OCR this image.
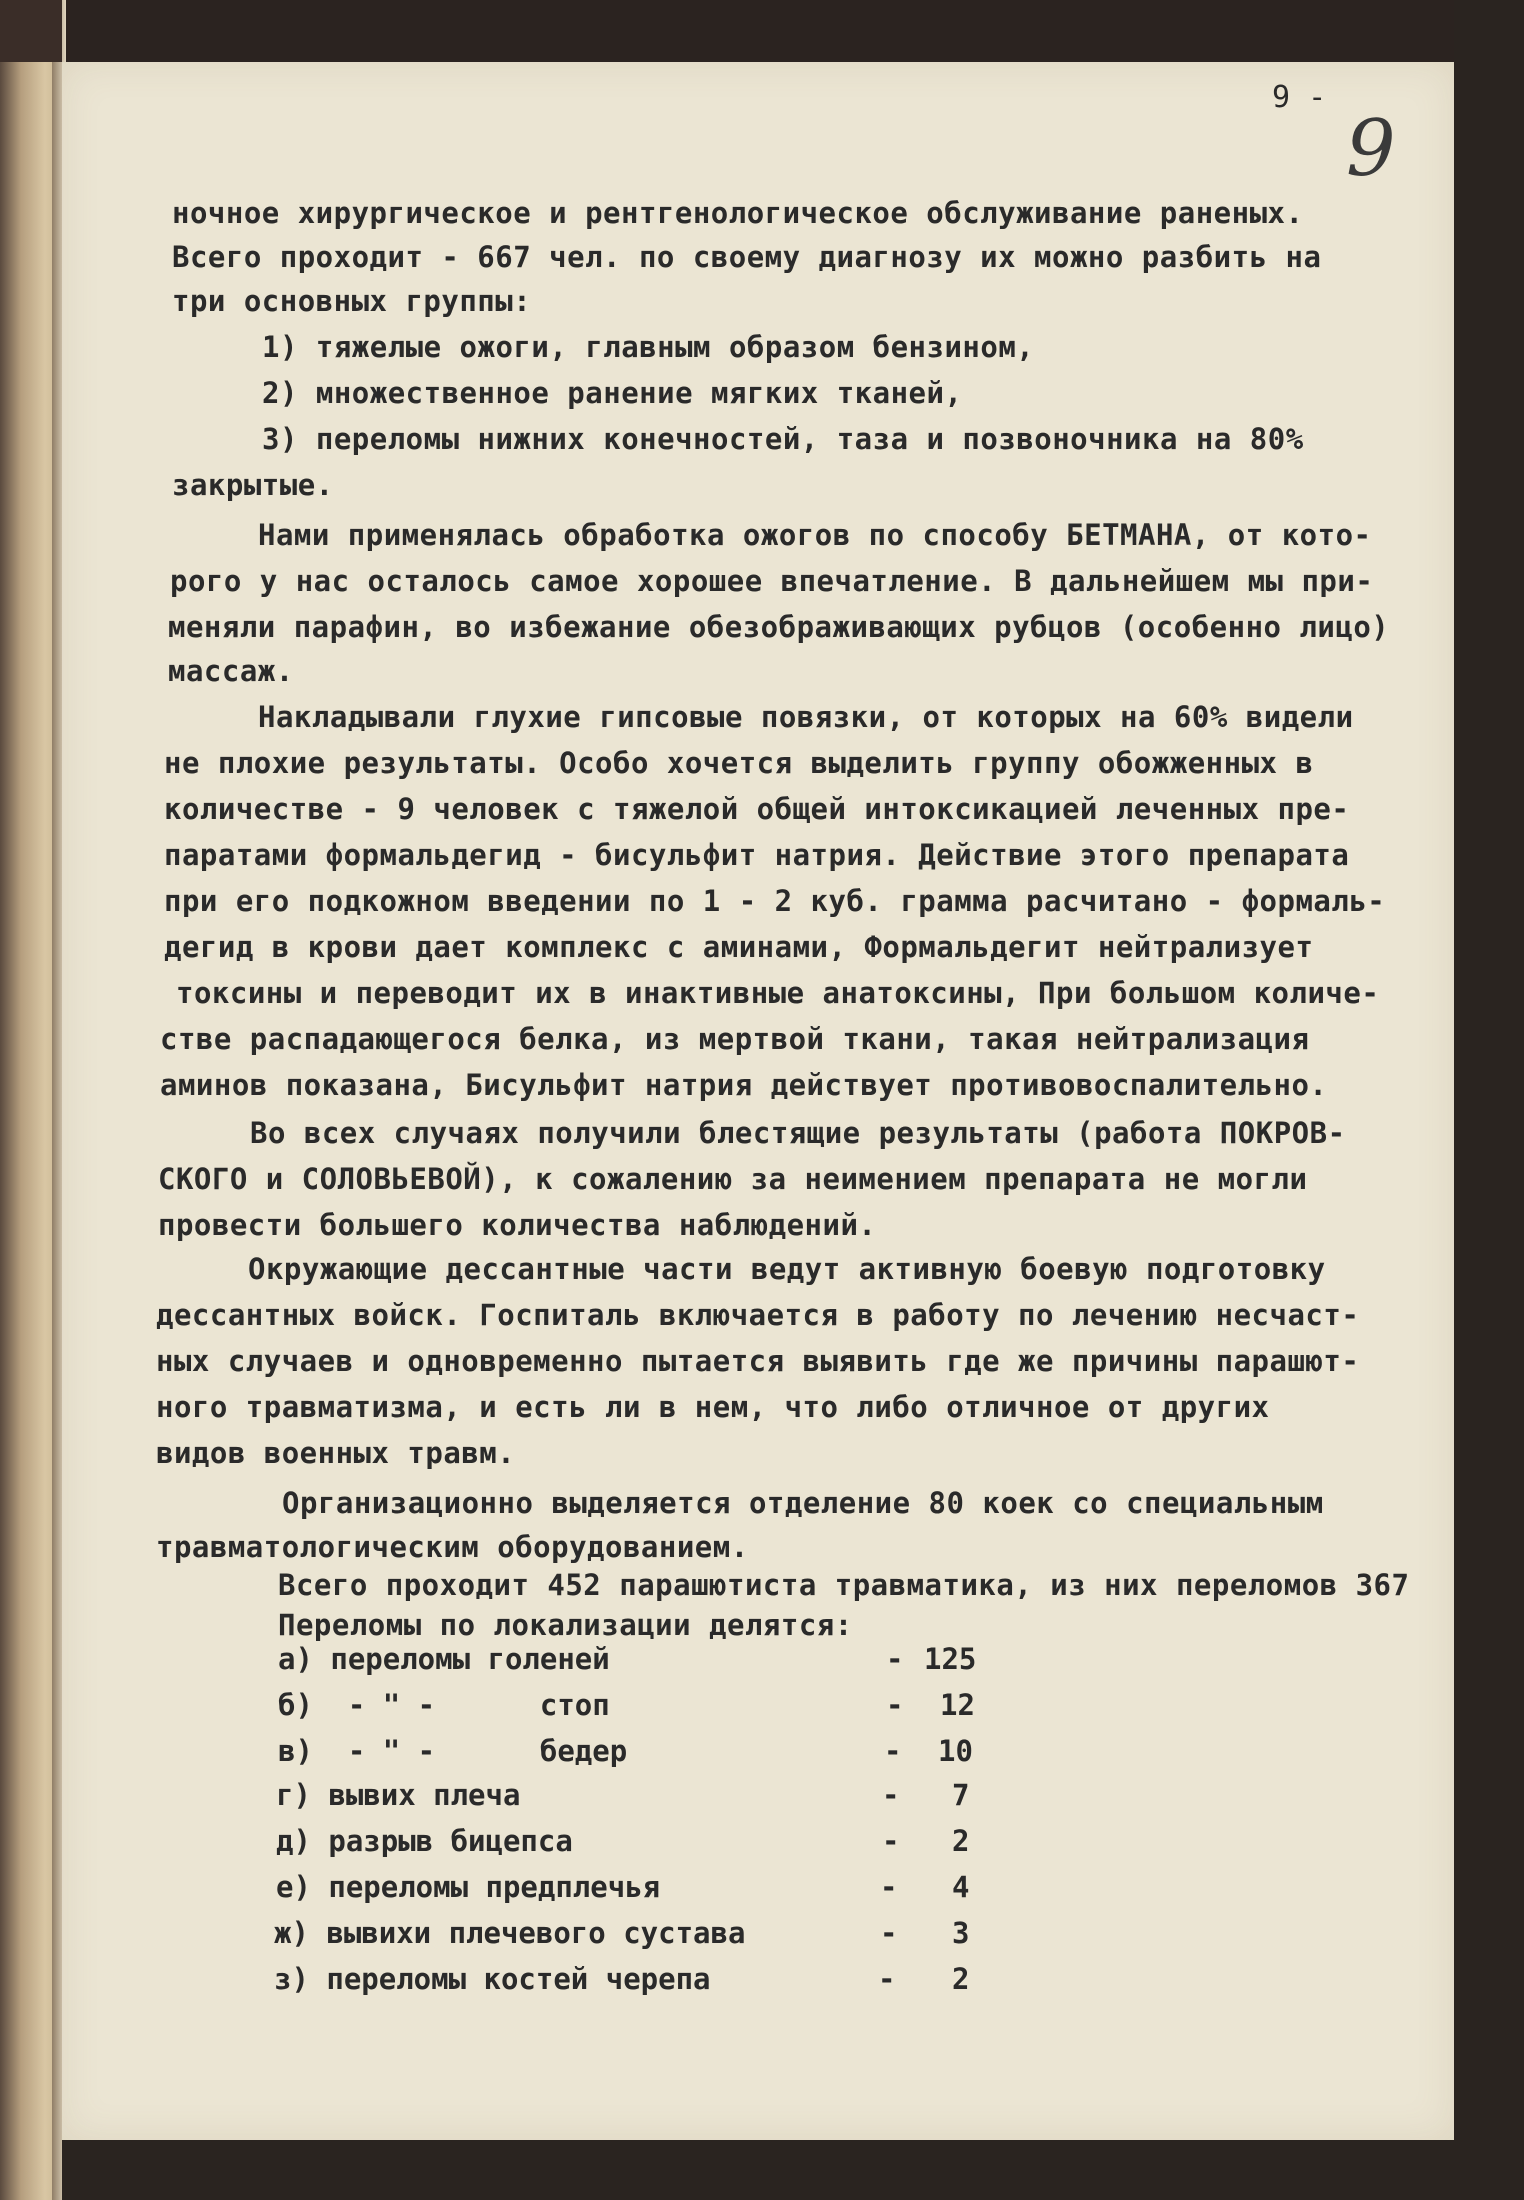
9 -
9
ночное хирургическое и рентгенологическое обслуживание раненых.
Всего проходит - 667 чел. по своему диагнозу их можно разбить на
три основных группы:
1) тяжелые ожоги, главным образом бензином,
2) множественное ранение мягких тканей,
3) переломы нижних конечностей, таза и позвоночника на 80%
закрытые.
Нами применялась обработка ожогов по способу БЕТМАНА, от кото-
рого у нас осталось самое хорошее впечатление. В дальнейшем мы при-
меняли парафин, во избежание обезображивающих рубцов (особенно лицо)
массаж.
Накладывали глухие гипсовые повязки, от которых на 60% видели
не плохие результаты. Особо хочется выделить группу обожженных в
количестве - 9 человек с тяжелой общей интоксикацией леченных пре-
паратами формальдегид - бисульфит натрия. Действие этого препарата
при его подкожном введении по 1 - 2 куб. грамма расчитано - формаль-
дегид в крови дает комплекс с аминами, Формальдегит нейтрализует
токсины и переводит их в инактивные анатоксины, При большом количе-
стве распадающегося белка, из мертвой ткани, такая нейтрализация
аминов показана, Бисульфит натрия действует противовоспалительно.
Во всех случаях получили блестящие результаты (работа ПОКРОВ-
СКОГО и СОЛОВЬЕВОЙ), к сожалению за неимением препарата не могли
провести большего количества наблюдений.
Окружающие дессантные части ведут активную боевую подготовку
дессантных войск. Госпиталь включается в работу по лечению несчаст-
ных случаев и одновременно пытается выявить где же причины парашют-
ного травматизма, и есть ли в нем, что либо отличное от других
видов военных травм.
Организационно выделяется отделение 80 коек со специальным
травматологическим оборудованием.
Всего проходит 452 парашютиста травматика, из них переломов 367
Переломы по локализации делятся:
а) переломы голеней	- 125
б)  - " -      стоп	- 12
в)  - " -      бедер	- 10
г) вывих плеча	- 7
д) разрыв бицепса	- 2
е) переломы предплечья	- 4
ж) вывихи плечевого сустава	- 3
з) переломы костей черепа	- 2
